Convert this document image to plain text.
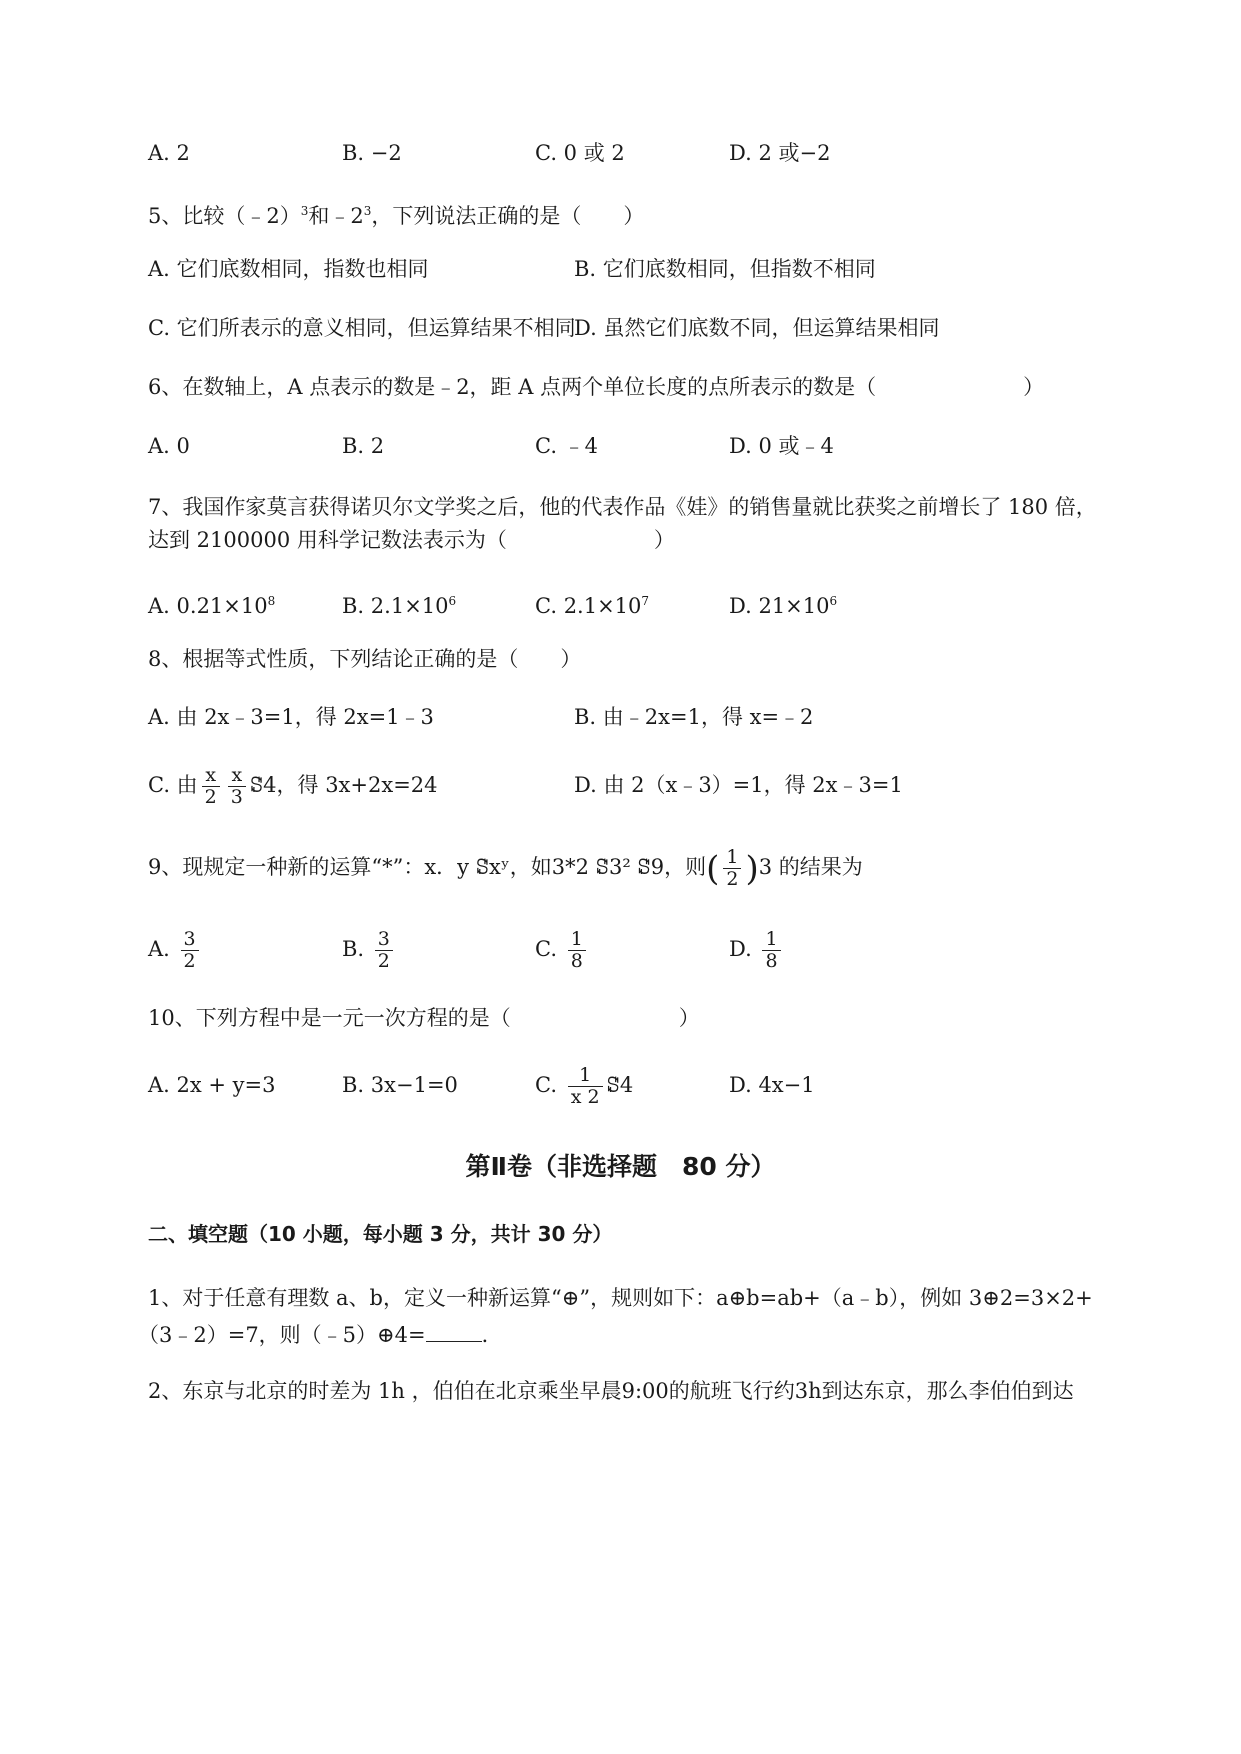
A. 2	B. −2	C. 0 或 2	D. 2 或−2
5、比较（﹣2）$^3$和$﹣2^3$，下列说法正确的是（　　）
A. 它们底数相同，指数也相同	B. 它们底数相同，但指数不相同
C. 它们所表示的意义相同，但运算结果不相同
D. 虽然它们底数不同，但运算结果相同
6、在数轴上，A 点表示的数是﹣2，距 A 点两个单位长度的点所表示的数是（　　　　　　　）
A. 0	B. 2	C. ﹣4	D. 0 或﹣4
7、我国作家莫言获得诺贝尔文学奖之后，他的代表作品《娃》的销售量就比获奖之前增长了 180 倍，
达到 2100000 用科学记数法表示为（　　　　　　　）
A. $0.21\times 10^8$	B. $2.1\times 10^6$	C. $2.1\times 10^7$	D. $21\times 10^6$
8、根据等式性质，下列结论正确的是（　　）
A. 由 2x﹣3=1，得 2x=1﹣3	B. 由﹣2x=1，得 x=﹣2
C. 由 $\frac{x}{2} \frac{x}{3}$ ꗟ4，得 3x+2x=24	D. 由 2（x﹣3）=1，得 2x﹣3=1
9、现规定一种新的运算“*”：x．y ꗟxʸ，如3*2 ꗟ3² ꗟ9，则( $\frac{1}{2} )3$ 的结果为
A. $\frac{3}{2}$	B. $\frac{3}{2}$	C. $\frac{1}{8}$	D. $\frac{1}{8}$
10、下列方程中是一元一次方程的是（　　　　　　　　）
A. 2x + y=3	B. 3x−1=0	C. $\frac{1}{x 2}$ ꗟ4	D. 4x−1
第Ⅱ卷（非选择题　80 分）
二、填空题（10 小题，每小题 3 分，共计 30 分）
1、对于任意有理数 a、b，定义一种新运算“⊕”，规则如下：a⊕b=ab+（a﹣b），例如 3⊕2=3×2+
（3﹣2）=7，则（﹣5）⊕4=	．
2、东京与北京的时差为 1h ，伯伯在北京乘坐早晨9:00的航班飞行约3h到达东京，那么李伯伯到达
